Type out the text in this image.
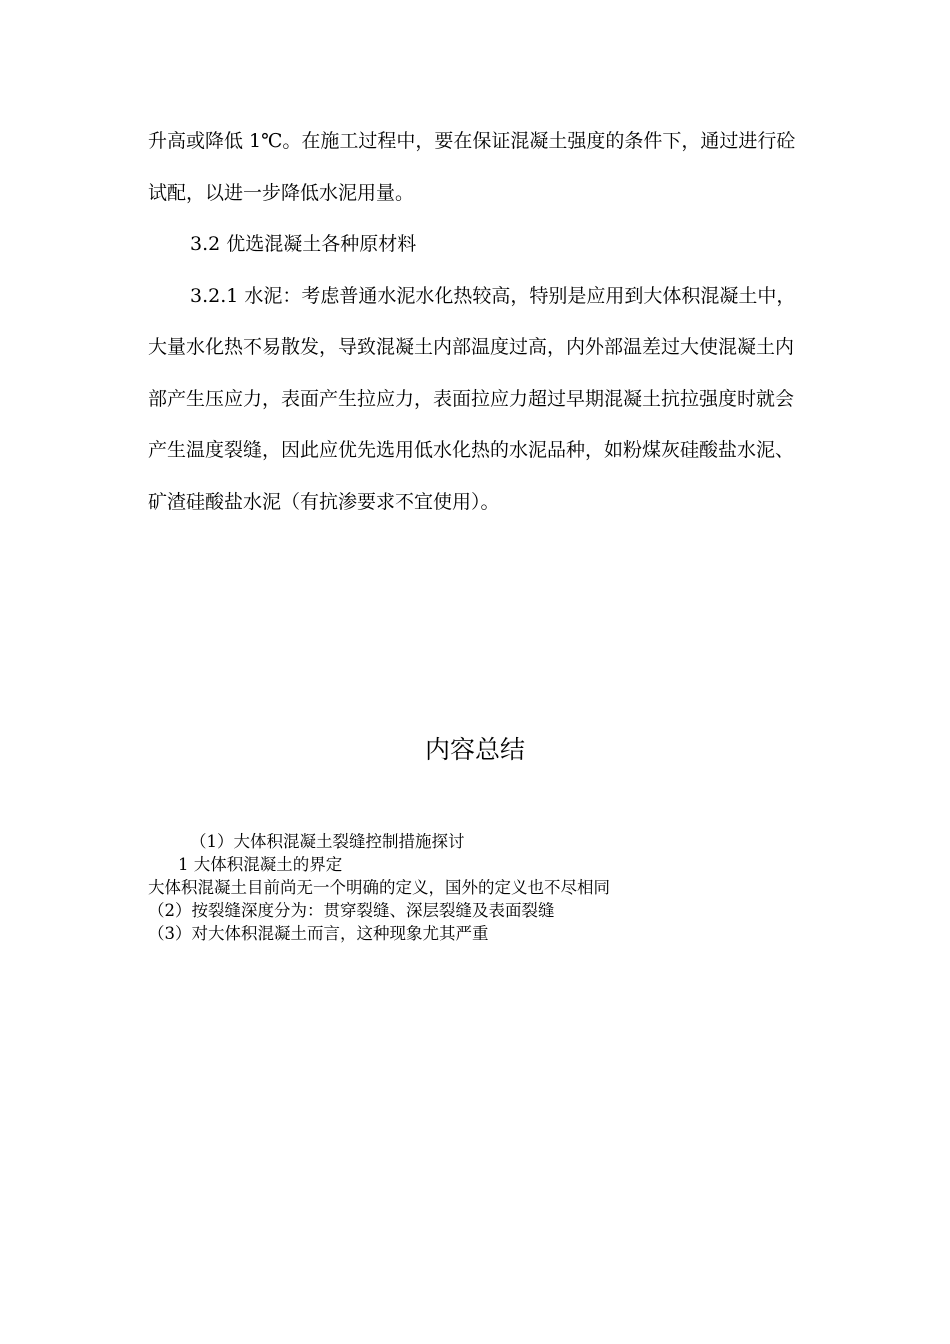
升高或降低 1℃。在施工过程中，要在保证混凝土强度的条件下，通过进行砼试配，以进一步降低水泥用量。

3.2 优选混凝土各种原材料

3.2.1 水泥：考虑普通水泥水化热较高，特别是应用到大体积混凝土中，大量水化热不易散发，导致混凝土内部温度过高，内外部温差过大使混凝土内部产生压应力，表面产生拉应力，表面拉应力超过早期混凝土抗拉强度时就会产生温度裂缝，因此应优先选用低水化热的水泥品种，如粉煤灰硅酸盐水泥、矿渣硅酸盐水泥（有抗渗要求不宜使用）。

内容总结
（1）大体积混凝土裂缝控制措施探讨
1 大体积混凝土的界定
大体积混凝土目前尚无一个明确的定义，国外的定义也不尽相同
（2）按裂缝深度分为：贯穿裂缝、深层裂缝及表面裂缝
（3）对大体积混凝土而言，这种现象尤其严重
